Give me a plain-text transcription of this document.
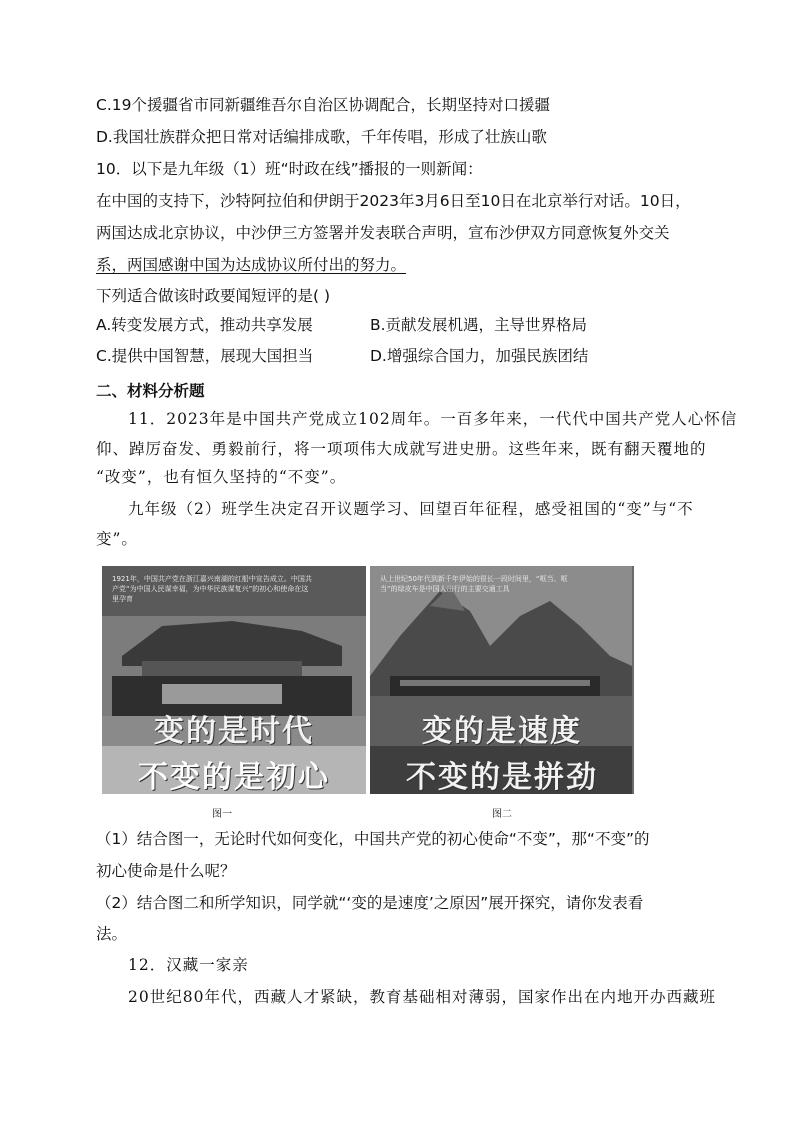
C.19个援疆省市同新疆维吾尔自治区协调配合，长期坚持对口援疆
D.我国壮族群众把日常对话编排成歌，千年传唱，形成了壮族山歌
10．以下是九年级（1）班“时政在线”播报的一则新闻：
在中国的支持下，沙特阿拉伯和伊朗于2023年3月6日至10日在北京举行对话。10日，
两国达成北京协议，中沙伊三方签署并发表联合声明，宣布沙伊双方同意恢复外交关
系，两国感谢中国为达成协议所付出的努力。
下列适合做该时政要闻短评的是( )
A.转变发展方式，推动共享发展	B.贡献发展机遇，主导世界格局
C.提供中国智慧，展现大国担当	D.增强综合国力，加强民族团结
二、材料分析题
11．2023年是中国共产党成立102周年。一百多年来，一代代中国共产党人心怀信
仰、踔厉奋发、勇毅前行，将一项项伟大成就写进史册。这些年来，既有翻天覆地的
“改变”，也有恒久坚持的“不变”。
九年级（2）班学生决定召开议题学习、回望百年征程，感受祖国的“变”与“不
变”。
1921年，中国共产党在浙江嘉兴南湖的红船中宣告成立。中国共产党“为中国人民谋幸福，为中华民族谋复兴”的初心和使命在这里孕育
变的是时代
不变的是初心
从上世纪50年代到新千年伊始的很长一段时间里，“哐当、哐当”的绿皮车是中国人出行的主要交通工具
变的是速度
不变的是拼劲
图一	图二
（1）结合图一，无论时代如何变化，中国共产党的初心使命“不变”，那“不变”的
初心使命是什么呢？
（2）结合图二和所学知识，同学就“‘变的是速度’之原因”展开探究，请你发表看
法。
12．汉藏一家亲
20世纪80年代，西藏人才紧缺，教育基础相对薄弱，国家作出在内地开办西藏班
